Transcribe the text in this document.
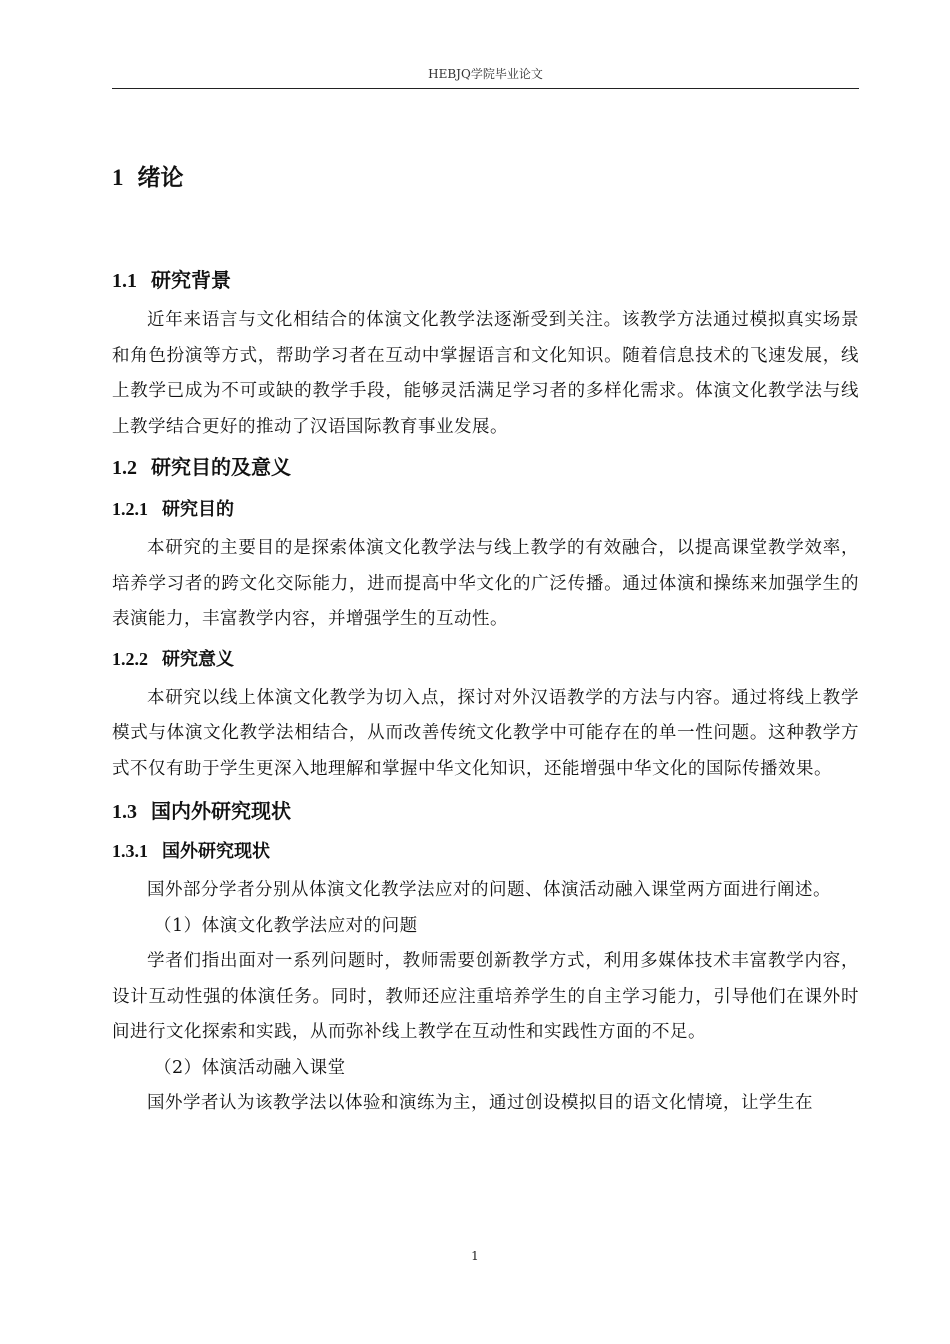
HEBJQ学院毕业论文
1 绪论
1.1 研究背景

近年来语言与文化相结合的体演文化教学法逐渐受到关注。该教学方法通过模拟真实场景和角色扮演等方式，帮助学习者在互动中掌握语言和文化知识。随着信息技术的飞速发展，线上教学已成为不可或缺的教学手段，能够灵活满足学习者的多样化需求。体演文化教学法与线上教学结合更好的推动了汉语国际教育事业发展。

1.2 研究目的及意义
1.2.1 研究目的

本研究的主要目的是探索体演文化教学法与线上教学的有效融合，以提高课堂教学效率，培养学习者的跨文化交际能力，进而提高中华文化的广泛传播。通过体演和操练来加强学生的表演能力，丰富教学内容，并增强学生的互动性。

1.2.2 研究意义

本研究以线上体演文化教学为切入点，探讨对外汉语教学的方法与内容。通过将线上教学模式与体演文化教学法相结合，从而改善传统文化教学中可能存在的单一性问题。这种教学方式不仅有助于学生更深入地理解和掌握中华文化知识，还能增强中华文化的国际传播效果。

1.3 国内外研究现状
1.3.1 国外研究现状

国外部分学者分别从体演文化教学法应对的问题、体演活动融入课堂两方面进行阐述。

（1）体演文化教学法应对的问题

学者们指出面对一系列问题时，教师需要创新教学方式，利用多媒体技术丰富教学内容，设计互动性强的体演任务。同时，教师还应注重培养学生的自主学习能力，引导他们在课外时间进行文化探索和实践，从而弥补线上教学在互动性和实践性方面的不足。

（2）体演活动融入课堂

国外学者认为该教学法以体验和演练为主，通过创设模拟目的语文化情境，让学生在

1
